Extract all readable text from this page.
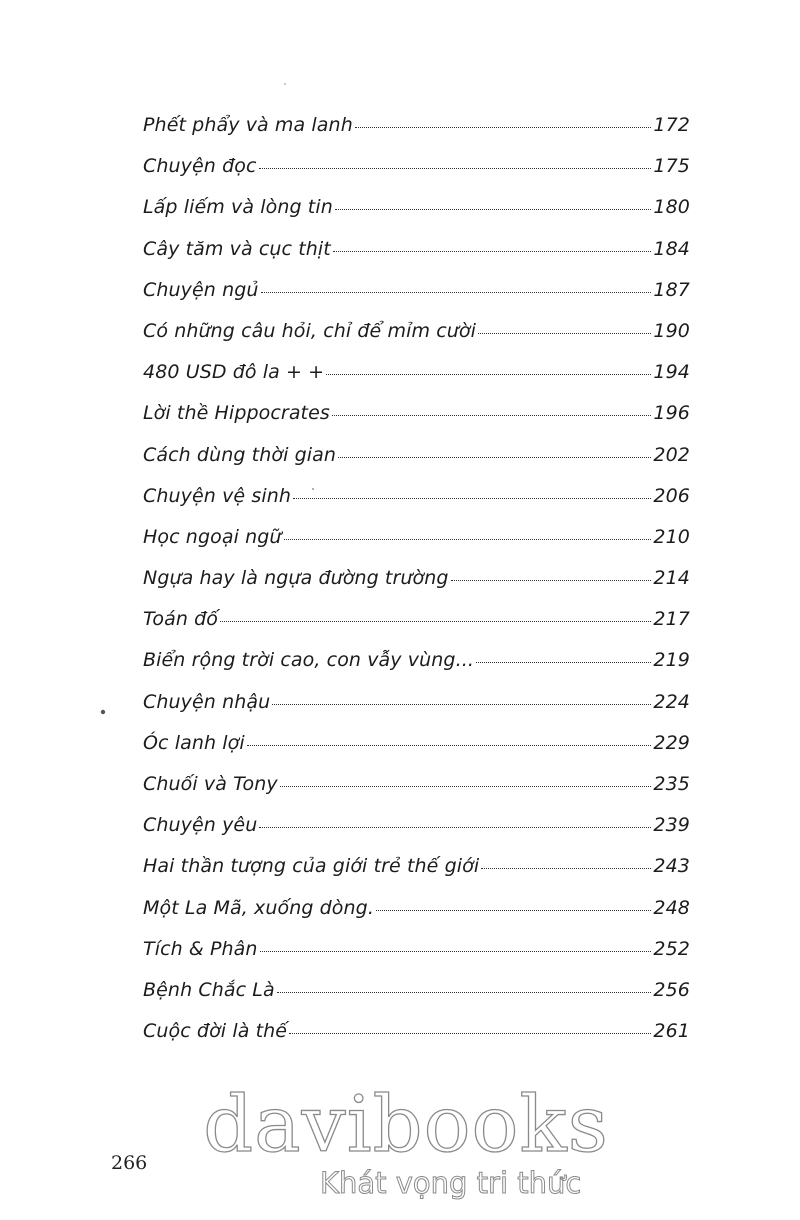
Phết phẩy và ma lanh	172
Chuyện đọc	175
Lấp liếm và lòng tin	180
Cây tăm và cục thịt	184
Chuyện ngủ	187
Có những câu hỏi, chỉ để mỉm cười	190
480 USD đô la + +	194
Lời thề Hippocrates	196
Cách dùng thời gian	202
Chuyện vệ sinh	206
Học ngoại ngữ	210
Ngựa hay là ngựa đường trường	214
Toán đố	217
Biển rộng trời cao, con vẫy vùng...	219
Chuyện nhậu	224
Óc lanh lợi	229
Chuối và Tony	235
Chuyện yêu	239
Hai thần tượng của giới trẻ thế giới	243
Một La Mã, xuống dòng.	248
Tích & Phân	252
Bệnh Chắc Là	256
Cuộc đời là thế	261
266 davibooks
Khát vọng tri thức
